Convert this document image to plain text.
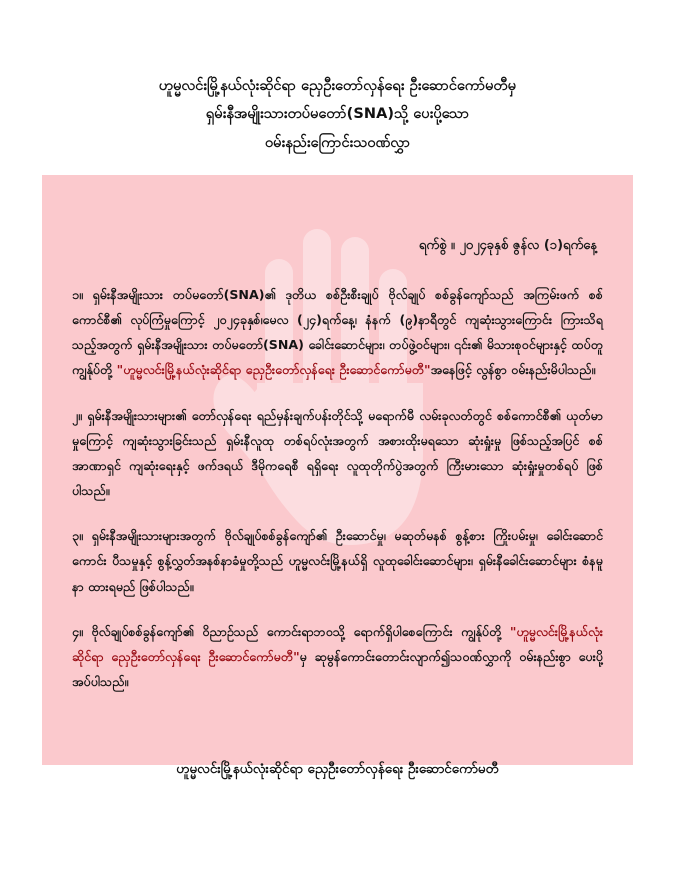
ဟူမ္မလင်းမြို့နယ်လုံးဆိုင်ရာ ညှေဦးတော်လှန်ရေး ဦးဆောင်ကော်မတီမှ
ရှမ်းနီအမျိုးသားတပ်မတော်(SNA)သို့ ပေးပို့သော
ဝမ်းနည်းကြောင်းသဝဏ်လွှာ
ရက်စွဲ ။ ၂၀၂၄ခုနှစ် ဇွန်လ (၁)ရက်နေ့

၁။ ရှမ်းနီအမျိုးသား တပ်မတော်(SNA)၏ ဒုတိယ စစ်ဦးစီးချုပ် ဗိုလ်ချုပ် စစ်ခွန်ကျော်သည် အကြမ်းဖက် စစ်ကောင်စီ၏ လုပ်ကြံမှုကြောင့် ၂၀၂၄ခုနှစ်၊မေလ (၂၄)ရက်နေ့၊ နံနက် (၉)နာရီတွင် ကျဆုံးသွားကြောင်း ကြားသိရသည့်အတွက် ရှမ်းနီအမျိုးသား တပ်မတော်(SNA) ခေါင်းဆောင်များ၊ တပ်ဖွဲ့ဝင်များ၊ ၎င်း၏ မိသားစုဝင်များနှင့် ထပ်တူ ကျွန်ုပ်တို့ "ဟူမ္မလင်းမြို့နယ်လုံးဆိုင်ရာ ညှေဦးတော်လှန်ရေး ဦးဆောင်ကော်မတီ"အနေဖြင့် လွန်စွာ ဝမ်းနည်းမိပါသည်။

၂။ ရှမ်းနီအမျိုးသားများ၏ တော်လှန်ရေး ရည်မှန်းချက်ပန်းတိုင်သို့ မရောက်မီ လမ်းခုလတ်တွင် စစ်ကောင်စီ၏ ယုတ်မာမှုကြောင့် ကျဆုံးသွားခြင်းသည် ရှမ်းနီလူထု တစ်ရပ်လုံးအတွက် အစားထိုးမရသော ဆုံးရှုံးမှု ဖြစ်သည့်အပြင် စစ်အာဏာရှင် ကျဆုံးရေးနှင့် ဖက်ဒရယ် ဒီမိုကရေစီ ရရှိရေး လူထုတိုက်ပွဲအတွက် ကြီးမားသော ဆုံးရှုံးမှုတစ်ရပ် ဖြစ်ပါသည်။

၃။ ရှမ်းနီအမျိုးသားများအတွက် ဗိုလ်ချုပ်စစ်ခွန်ကျော်၏ ဦးဆောင်မှု၊ မဆုတ်မနစ် စွန့်စား ကြိုးပမ်းမှု၊ ခေါင်းဆောင်ကောင်း ပီသမှုနှင့် စွန့်လွှတ်အနစ်နာခံမှုတို့သည် ဟူမ္မလင်းမြို့နယ်ရှိ လူထုခေါင်းဆောင်များ၊ ရှမ်းနီခေါင်းဆောင်များ စံနမူနာ ထားရမည် ဖြစ်ပါသည်။

၄။ ဗိုလ်ချုပ်စစ်ခွန်ကျော်၏ ဝိညာဉ်သည် ကောင်းရာဘဝသို့ ရောက်ရှိပါစေကြောင်း ကျွန်ုပ်တို့ "ဟူမ္မလင်းမြို့နယ်လုံးဆိုင်ရာ ညှေဦးတော်လှန်ရေး ဦးဆောင်ကော်မတီ"မှ ဆုမွန်ကောင်းတောင်းလျာက်၍သဝဏ်လွှာကို ဝမ်းနည်းစွာ ပေးပို့အပ်ပါသည်။

ဟူမ္မလင်းမြို့နယ်လုံးဆိုင်ရာ ညှေဦးတော်လှန်ရေး ဦးဆောင်ကော်မတီ
